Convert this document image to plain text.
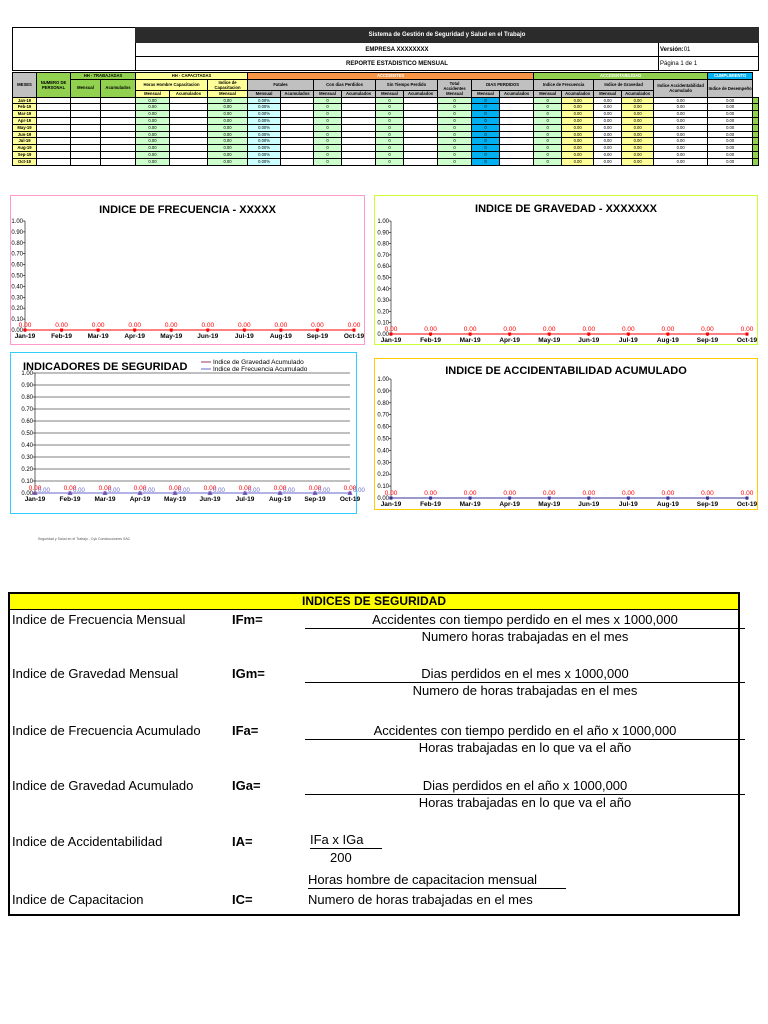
Sistema de Gestión de Seguridad y Salud en el Trabajo
EMPRESA XXXXXXXX	Versión: 01
REPORTE ESTADISTICO MENSUAL	Página 1 de 1
MESES	NUMERO DE PERSONAL	HH - TRABAJADAS		HH - CAPACITADAS			ACCIDENTES									ACCIDENTABILIDAD					CUMPLIMIENTO	
		Mensual	Acumulados	Horas Hombre Capacitacion		Indice de Capacitacion	Fatales		Con dias Perdidos		Sin Tiempo Perdido		Total Accidentes Mensual	DIAS PERDIDOS		Indice de Frecuencia		Indice de Gravedad		Indice Accidentabilidad Acumulado	Indice de Desempeño	
				Mensual	Acumulados	Mensual	Mensual	Acumulados	Mensual	Acumulados	Mensual	Acumulados		Mensual	Acumulados	Mensual	Acumulados	Mensual	Acumulados			
Jan-19				0.00		0.00	0.00%		0		0		0	0		0	0.00	0.00	0.00	0.00	0.00	
Feb-19				0.00		0.00	0.00%		0		0		0	0		0	0.00	0.00	0.00	0.00	0.00	
Mar-19				0.00		0.00	0.00%		0		0		0	0		0	0.00	0.00	0.00	0.00	0.00	
Apr-19				0.00		0.00	0.00%		0		0		0	0		0	0.00	0.00	0.00	0.00	0.00	
May-19				0.00		0.00	0.00%		0		0		0	0		0	0.00	0.00	0.00	0.00	0.00	
Jun-19				0.00		0.00	0.00%		0		0		0	0		0	0.00	0.00	0.00	0.00	0.00	
Jul-19				0.00		0.00	0.00%		0		0		0	0		0	0.00	0.00	0.00	0.00	0.00	
Aug-19				0.00		0.00	0.00%		0		0		0	0		0	0.00	0.00	0.00	0.00	0.00	
Sep-19				0.00		0.00	0.00%		0		0		0	0		0	0.00	0.00	0.00	0.00	0.00	
Oct-19				0.00		0.00	0.00%		0		0		0	0		0	0.00	0.00	0.00	0.00	0.00	
INDICE DE FRECUENCIA - XXXXX
0.00
0.10
0.20
0.30
0.40
0.50
0.60
0.70
0.80
0.90
1.00
Jan-19 Feb-19 Mar-19 Apr-19 May-19 Jun-19	Jul-19 Aug-19 Sep-19 Oct-19
0.00	0.00	0.00	0.00	0.00	0.00	0.00	0.00	0.00	0.00
INDICE DE GRAVEDAD - XXXXXXX
0.00
0.10
0.20
0.30
0.40
0.50
0.60
0.70
0.80
0.90
1.00
Jan-19	Feb-19	Mar-19	Apr-19	May-19	Jun-19	Jul-19	Aug-19	Sep-19	Oct-19
0.00	0.00	0.00	0.00	0.00	0.00	0.00	0.00	0.00	0.00
INDICADORES DE SEGURIDAD
0.00
0.10
0.20
0.30
0.40
0.50
0.60
0.70
0.80
0.90
1.00
Jan-19 Feb-19 Mar-19 Apr-19 May-19 Jun-19 Jul-19 Aug-19 Sep-19 Oct-19
0.00	0.00	0.00	0.00	0.00	0.00	0.00	0.00	0.00	0.00
0.00	0.00	0.00	0.00	0.00	0.00	0.00	0.00	0.00	0.00
Indice de Gravedad Acumulado
Indice de Frecuencia Acumulado	INDICE DE ACCIDENTABILIDAD ACUMULADO
0.00
0.10
0.20
0.30
0.40
0.50
0.60
0.70
0.80
0.90
1.00
Jan-19	Feb-19	Mar-19	Apr-19	May-19	Jun-19	Jul-19	Aug-19	Sep-19	Oct-19
0.00	0.00	0.00	0.00	0.00	0.00	0.00	0.00	0.00	0.00
Seguridad y Salud en el Trabajo - Cyk Construcciones SAC
INDICES DE SEGURIDAD
Indice de Frecuencia Mensual	IFm=	Accidentes con tiempo perdido en el mes x 1000,000
Numero horas trabajadas en el mes
Indice de Gravedad Mensual	IGm=	Dias perdidos en el mes x 1000,000
Numero de horas trabajadas en el mes
Indice de Frecuencia Acumulado IFa=	Accidentes con tiempo perdido en el año x 1000,000
Horas trabajadas en lo que va el año
Indice de Gravedad Acumulado	IGa=	Dias perdidos en el año x 1000,000
Horas trabajadas en lo que va el año
Indice de Accidentabilidad	IA=	IFa x IGa
200
Indice de Capacitacion	IC=
Horas hombre de capacitacion mensual
Numero de horas trabajadas en el mes
